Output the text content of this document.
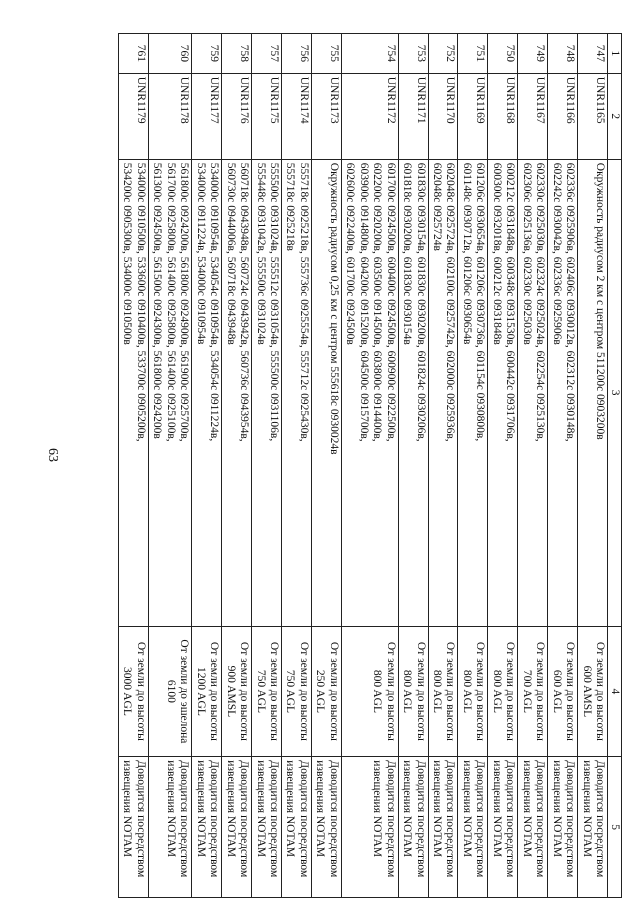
63
1	2	3	4	5
747	UNR1165	Окружность радиусом 2 км с центром 511200с 0903200в	От земли до высоты
600 AMSL	Доводится посредством извещения NOTAM
748	UNR1166	602336с 0925906в, 602406с 0930012в, 602312с 0930148в,
602242с 0930042в, 602336с 0925906в	От земли до высоты
600 AGL	Доводится посредством извещения NOTAM
749	UNR1167	602330с 0925030в, 602324с 0925024в, 602254с 0925130в,
602306с 0925136в, 602330с 0925030в	От земли до высоты
700 AGL	Доводится посредством извещения NOTAM
750	UNR1168	600212с 0931848в, 600348с 0931530в, 600442с 0931706в,
600300с 0932018в, 600212с 0931848в	От земли до высоты
800 AGL	Доводится посредством извещения NOTAM
751	UNR1169	601206с 0930654в, 601206с 0930736в, 601154с 0930800в,
601148с 0930712в, 601206с 0930654в	От земли до высоты
800 AGL	Доводится посредством извещения NOTAM
752	UNR1170	602048с 0925724в, 602100с 0925742в, 602000с 0925936в,
602048с 0925724в	От земли до высоты
800 AGL	Доводится посредством извещения NOTAM
753	UNR1171	601830с 0930154в, 601830с 0930200в, 601824с 0930206в,
601818с 0930200в, 601830с 0930154в	От земли до высоты
800 AGL	Доводится посредством извещения NOTAM
754	UNR1172	601700с 0924500в, 600400с 0924500в, 600900с 0922500в,
602200с 0920200в, 603500с 0914500в, 603800с 0914400в,
603900с 0914800в, 604200с 0915200в, 604500с 0915700в,
602600с 0922400в, 601700с 0924500в	От земли до высоты
800 AGL	Доводится посредством извещения NOTAM
755	UNR1173	Окружность радиусом 0,25 км с центром 555618с 0930024в	От земли до высоты
250 AGL	Доводится посредством извещения NOTAM
756	UNR1174	555718с 0925218в, 555736с 0925554в, 555712с 0925430в,
555718с 0925218в	От земли до высоты
750 AGL	Доводится посредством извещения NOTAM
757	UNR1175	555500с 0931024в, 555512с 0931054в, 555500с 0931106в,
555448с 0931042в, 555500с 0931024в	От земли до высоты
750 AGL	Доводится посредством извещения NOTAM
758	UNR1176	560718с 0943948в, 560724с 0943942в, 560736с 0943954в,
560730с 0944006в, 560718с 0943948в	От земли до высоты
900 AMSL	Доводится посредством извещения NOTAM
759	UNR1177	534000с 0910954в, 534054с 0910954в, 534054с 0911224в,
534000с 0911224в, 534000с 0910954в	От земли до высоты
1200 AGL	Доводится посредством извещения NOTAM
760	UNR1178	561800с 0924200в, 561800с 0924900в, 561900с 0925700в,
561700с 0925800в, 561400с 0925800в, 561400с 0925100в,
561300с 0924500в, 561500с 0924300в, 561800с 0924200в	От земли до эшелона
6100	Доводится посредством извещения NOTAM
761	UNR1179	534000с 0910500в, 533600с 0910400в, 533700с 0905200в,
534200с 0905300в, 534000с 0910500в	От земли до высоты
3000 AGL	Доводится посредством извещения NOTAM
